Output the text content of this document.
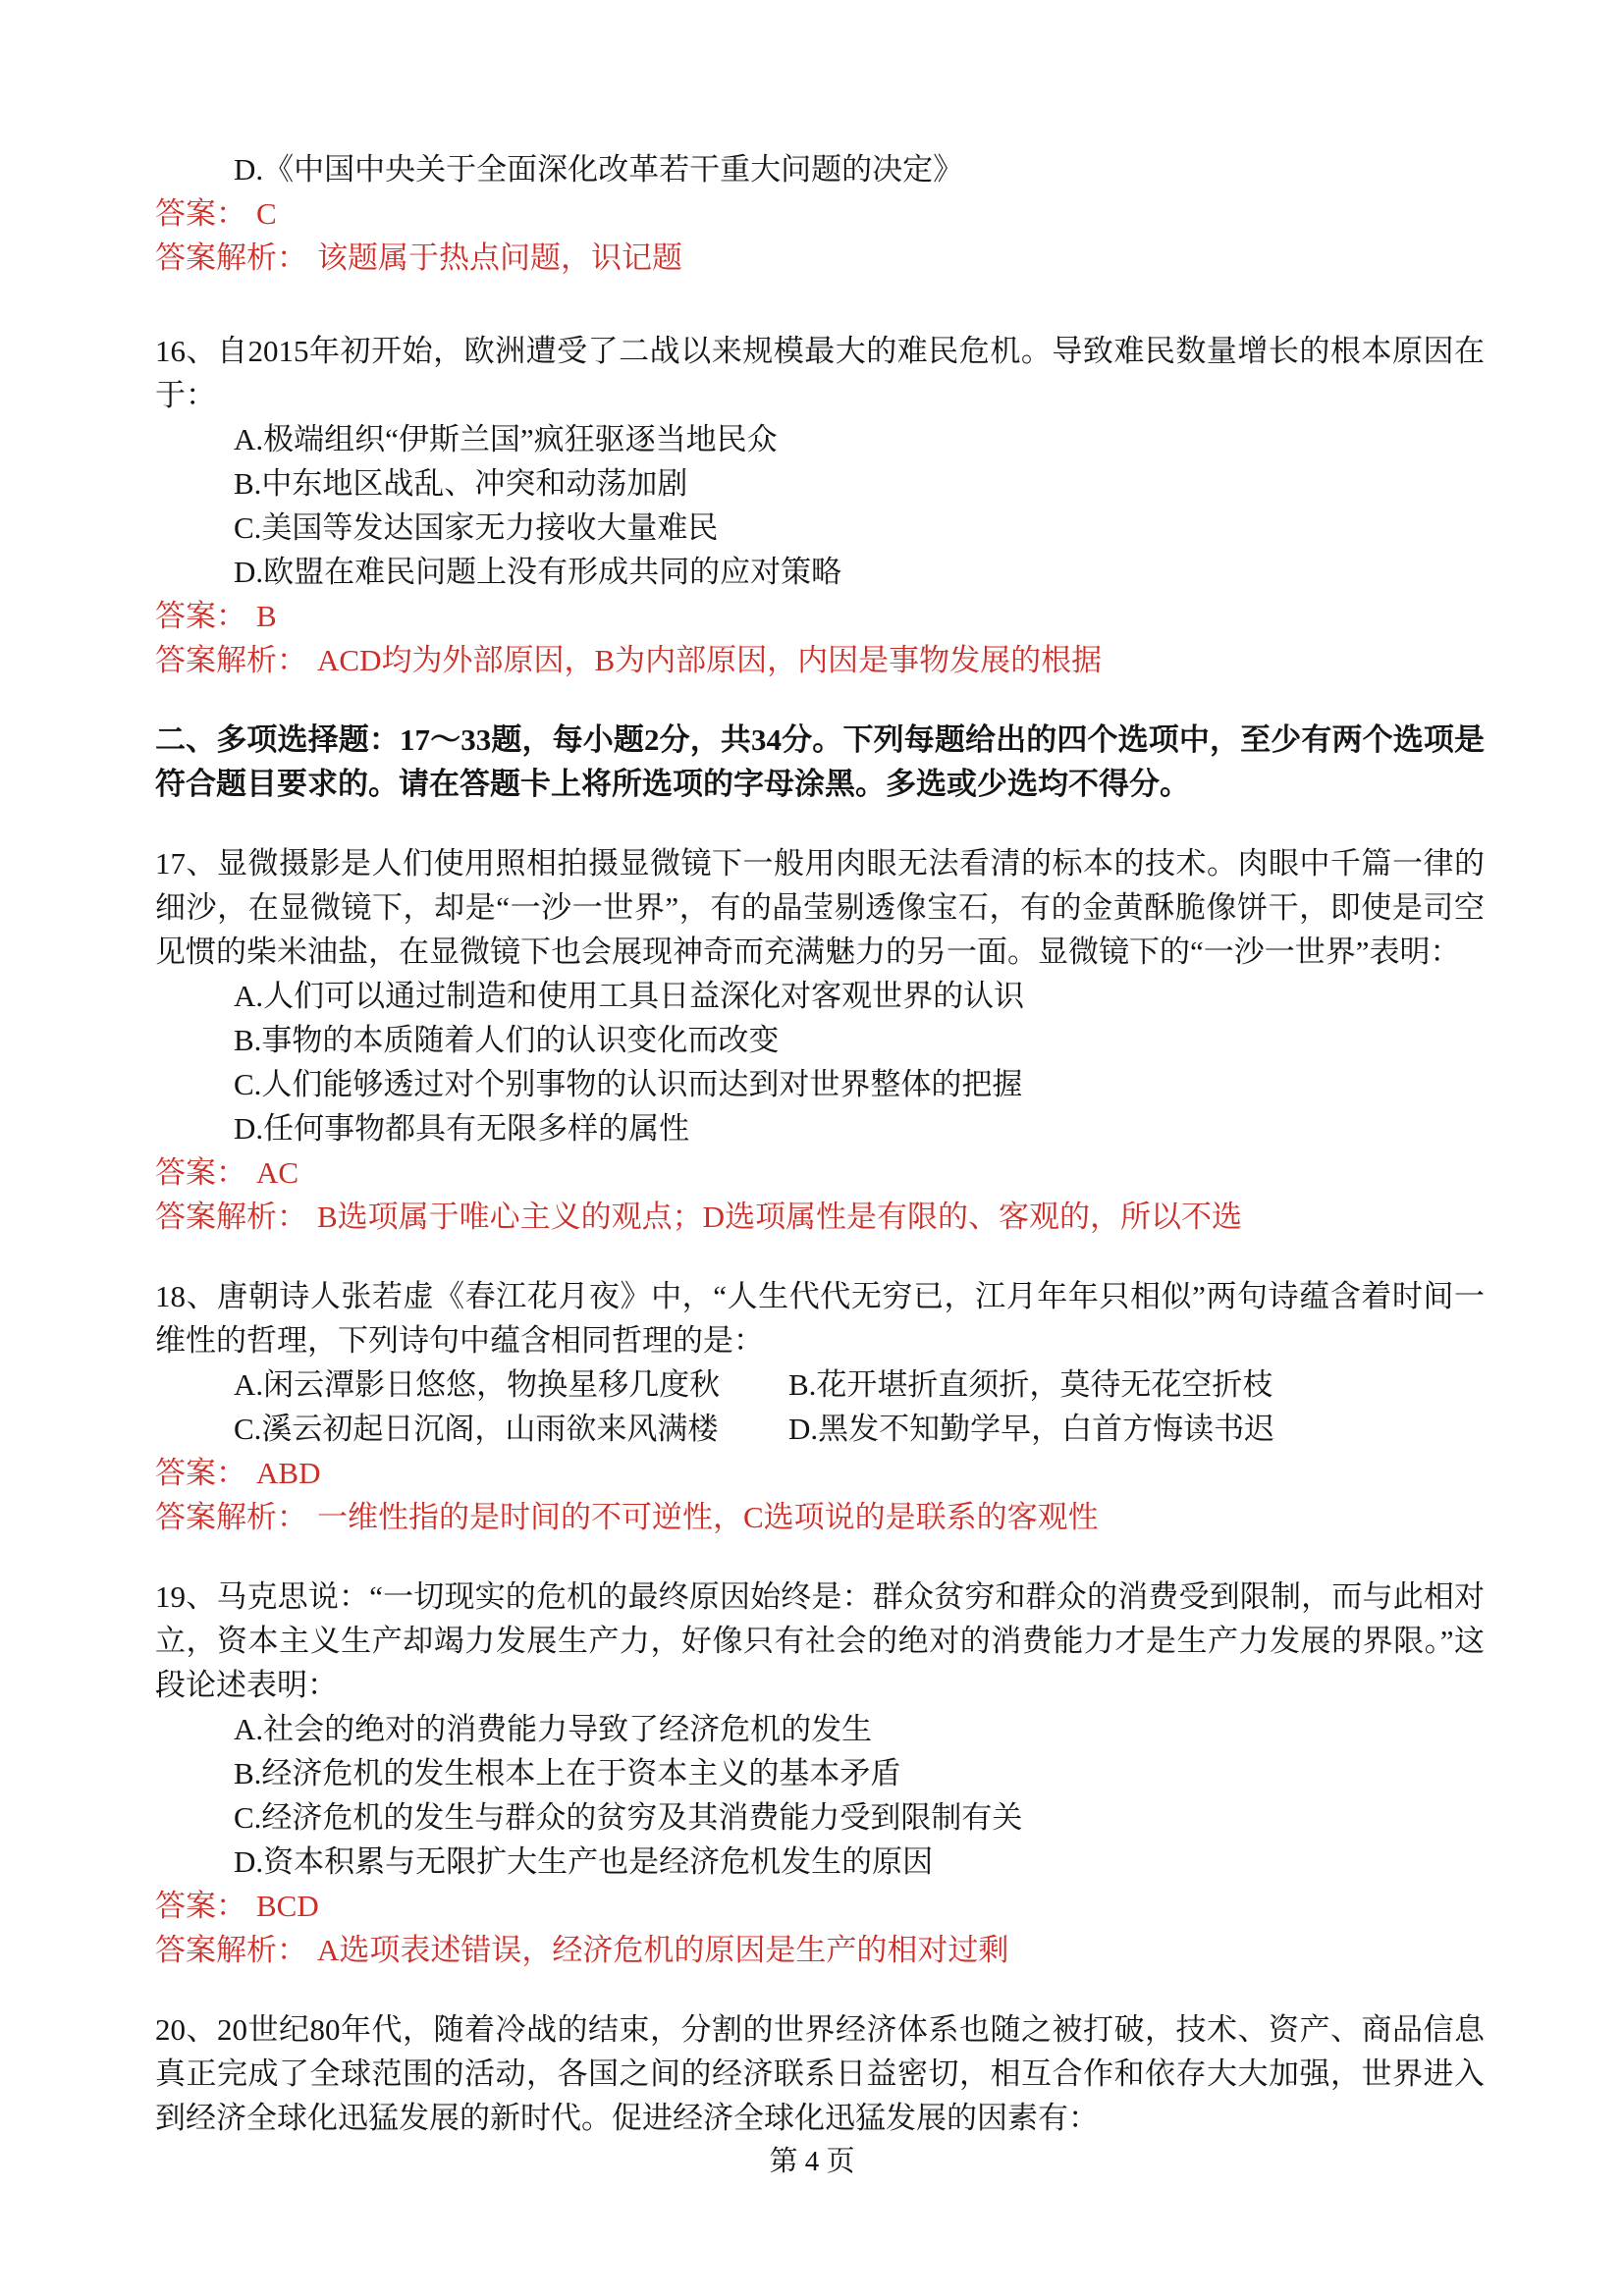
D.《中国中央关于全面深化改革若干重大问题的决定》

答案： C

答案解析： 该题属于热点问题，识记题

16、自2015年初开始，欧洲遭受了二战以来规模最大的难民危机。导致难民数量增长的根本原因在于：

A.极端组织“伊斯兰国”疯狂驱逐当地民众

B.中东地区战乱、冲突和动荡加剧

C.美国等发达国家无力接收大量难民

D.欧盟在难民问题上没有形成共同的应对策略

答案： B

答案解析： ACD均为外部原因，B为内部原因，内因是事物发展的根据

二、多项选择题：17～33题，每小题2分，共34分。下列每题给出的四个选项中，至少有两个选项是符合题目要求的。请在答题卡上将所选项的字母涂黑。多选或少选均不得分。

17、显微摄影是人们使用照相拍摄显微镜下一般用肉眼无法看清的标本的技术。肉眼中千篇一律的细沙，在显微镜下，却是“一沙一世界”，有的晶莹剔透像宝石，有的金黄酥脆像饼干，即使是司空见惯的柴米油盐，在显微镜下也会展现神奇而充满魅力的另一面。显微镜下的“一沙一世界”表明：

A.人们可以通过制造和使用工具日益深化对客观世界的认识

B.事物的本质随着人们的认识变化而改变

C.人们能够透过对个别事物的认识而达到对世界整体的把握

D.任何事物都具有无限多样的属性

答案： AC

答案解析： B选项属于唯心主义的观点；D选项属性是有限的、客观的，所以不选

18、唐朝诗人张若虚《春江花月夜》中，“人生代代无穷已，江月年年只相似”两句诗蕴含着时间一维性的哲理，下列诗句中蕴含相同哲理的是：

A.闲云潭影日悠悠，物换星移几度秋	B.花开堪折直须折，莫待无花空折枝

C.溪云初起日沉阁，山雨欲来风满楼	D.黑发不知勤学早，白首方悔读书迟

答案： ABD

答案解析： 一维性指的是时间的不可逆性，C选项说的是联系的客观性

19、马克思说：“一切现实的危机的最终原因始终是：群众贫穷和群众的消费受到限制，而与此相对立，资本主义生产却竭力发展生产力，好像只有社会的绝对的消费能力才是生产力发展的界限。”这段论述表明：

A.社会的绝对的消费能力导致了经济危机的发生

B.经济危机的发生根本上在于资本主义的基本矛盾

C.经济危机的发生与群众的贫穷及其消费能力受到限制有关

D.资本积累与无限扩大生产也是经济危机发生的原因

答案： BCD

答案解析： A选项表述错误，经济危机的原因是生产的相对过剩

20、20世纪80年代，随着冷战的结束，分割的世界经济体系也随之被打破，技术、资产、商品信息真正完成了全球范围的活动，各国之间的经济联系日益密切，相互合作和依存大大加强，世界进入到经济全球化迅猛发展的新时代。促进经济全球化迅猛发展的因素有：

第 4 页
